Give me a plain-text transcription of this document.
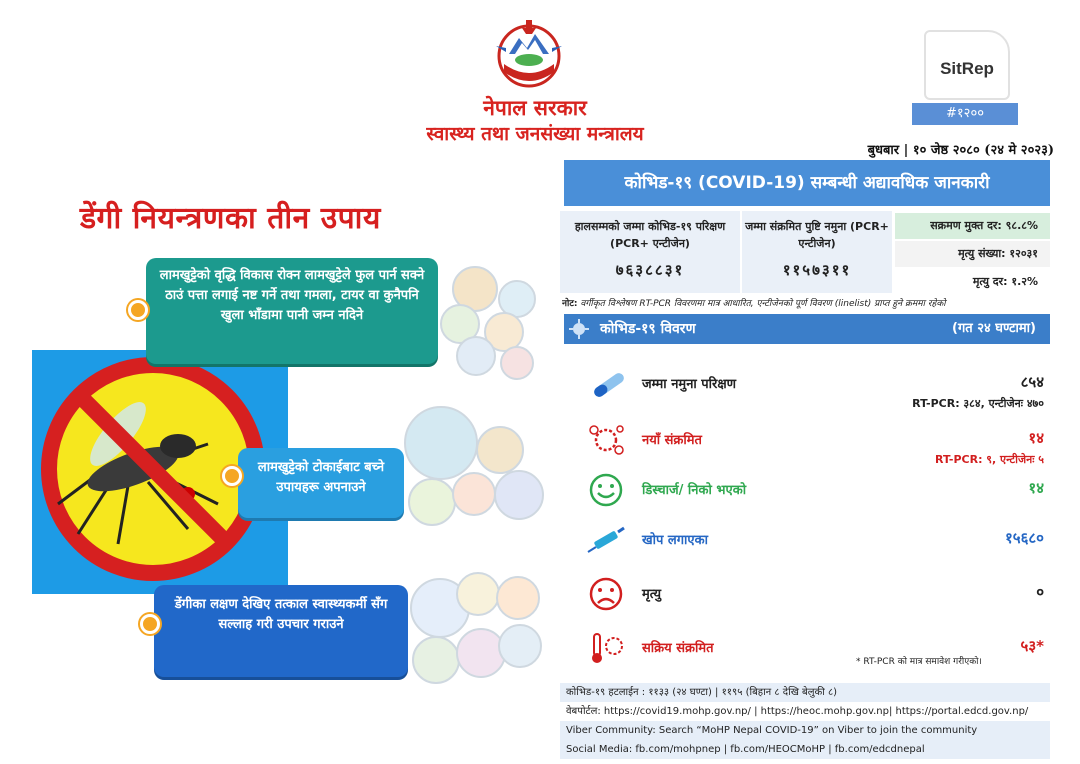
नेपाल सरकार
स्वास्थ्य तथा जनसंख्या मन्त्रालय
SitRep
#१२००
बुधबार | १० जेष्ठ २०८० (२४ मे २०२३)
डेंगी नियन्त्रणका तीन उपाय
लामखुट्टेको वृद्धि विकास रोक्न लामखुट्टेले फुल पार्न सक्ने ठाउं पत्ता लगाई नष्ट गर्ने तथा गमला, टायर वा कुनैपनि खुला भाँडामा पानी जम्न नदिने
लामखुट्टेको टोकाईबाट बच्ने उपायहरू अपनाउने
डेंगीका लक्षण देखिए तत्काल स्वास्थ्यकर्मी सँग सल्लाह गरी उपचार गराउने
कोभिड-१९ (COVID-19) सम्बन्धी अद्यावधिक जानकारी
हालसम्मको जम्मा कोभिड-१९ परिक्षण (PCR+ एन्टीजेन)
७६३८८३१
जम्मा संक्रमित पुष्टि नमुना (PCR+ एन्टीजेन)
११५७३११
सक्रमण मुक्त दर: ९८.८%
मृत्यु संख्या: १२०३१
मृत्यु दर: १.२%
नोट: वर्गीकृत विश्लेषण RT-PCR विवरणमा मात्र आधारित, एन्टीजेनको पूर्ण विवरण (linelist) प्राप्त हुने क्रममा रहेको
कोभिड-१९ विवरण	(गत २४ घण्टामा)
जम्मा नमुना परिक्षण	८५४
RT-PCR: ३८४, एन्टीजेनः ४७०
नयाँ संक्रमित	१४
RT-PCR: ९, एन्टीजेनः ५
डिस्चार्ज/ निको भएको	१४
खोप लगाएका	१५६८०
मृत्यु	०
सक्रिय संक्रमित	५३*
* RT-PCR को मात्र समावेश गरीएको।
कोभिड-१९ हटलाईन : ११३३ (२४ घण्टा) | ११९५ (बिहान ८ देखि बेलुकी ८)
वेबपोर्टल: https://covid19.mohp.gov.np/ | https://heoc.mohp.gov.np| https://portal.edcd.gov.np/
Viber Community: Search “MoHP Nepal COVID-19” on Viber to join the community
Social Media: fb.com/mohpnep | fb.com/HEOCMoHP | fb.com/edcdnepal
